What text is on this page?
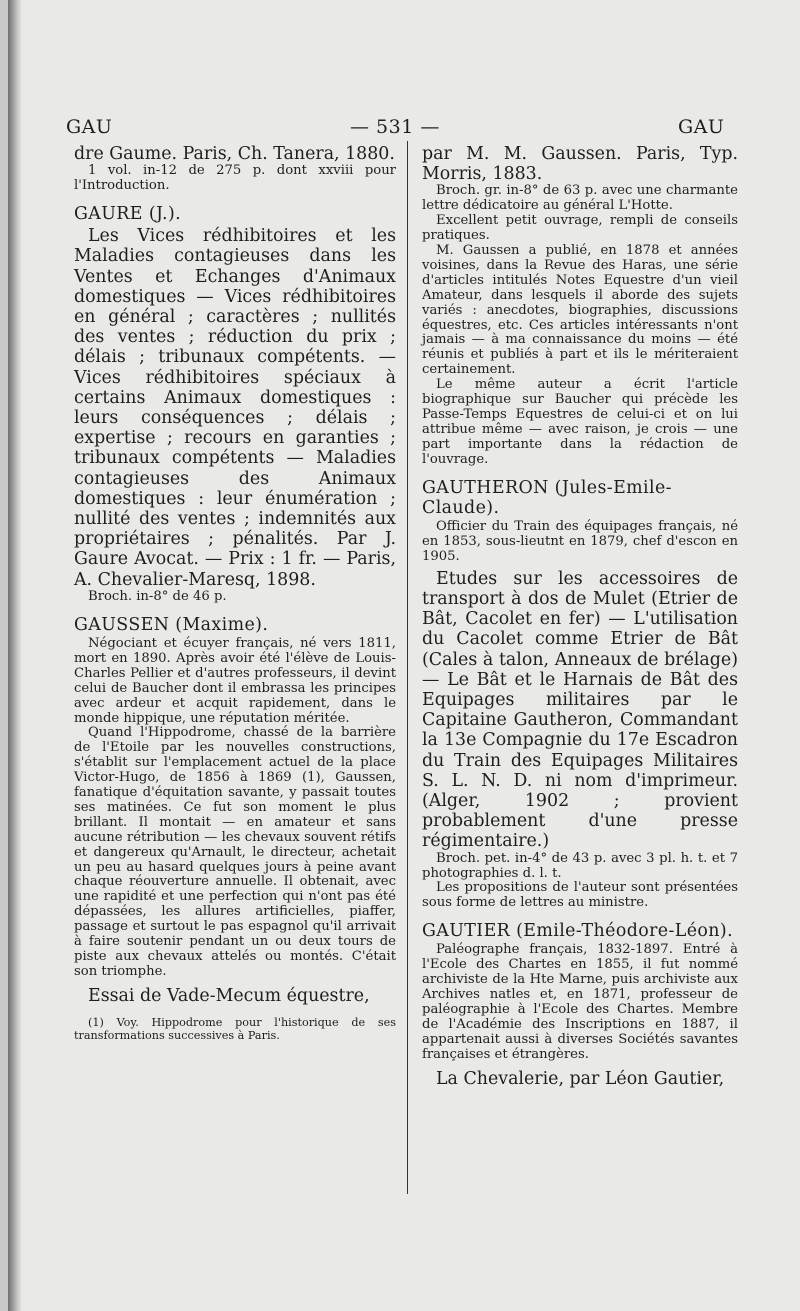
GAU	— 531 —	GAU

dre Gaume. Paris, Ch. Tanera, 1880.

1 vol. in-12 de 275 p. dont xxviii pour l'Introduction.

GAURE (J.).

Les Vices rédhibitoires et les Maladies contagieuses dans les Ventes et Echanges d'Animaux domestiques — Vices rédhibitoires en général ; caractères ; nullités des ventes ; réduction du prix ; délais ; tribunaux compétents. — Vices rédhibitoires spéciaux à certains Animaux domestiques : leurs conséquences ; délais ; expertise ; recours en garanties ; tribunaux compétents — Maladies contagieuses des Animaux domestiques : leur énumération ; nullité des ventes ; indemnités aux propriétaires ; pénalités. Par J. Gaure Avocat. — Prix : 1 fr. — Paris, A. Chevalier-Maresq, 1898.

Broch. in-8° de 46 p.

GAUSSEN (Maxime).

Négociant et écuyer français, né vers 1811, mort en 1890. Après avoir été l'élève de Louis-Charles Pellier et d'autres professeurs, il devint celui de Baucher dont il embrassa les principes avec ardeur et acquit rapidement, dans le monde hippique, une réputation méritée.

Quand l'Hippodrome, chassé de la barrière de l'Etoile par les nouvelles constructions, s'établit sur l'emplacement actuel de la place Victor-Hugo, de 1856 à 1869 (1), Gaussen, fanatique d'équitation savante, y passait toutes ses matinées. Ce fut son moment le plus brillant. Il montait — en amateur et sans aucune rétribution — les chevaux souvent rétifs et dangereux qu'Arnault, le directeur, achetait un peu au hasard quelques jours à peine avant chaque réouverture annuelle. Il obtenait, avec une rapidité et une perfection qui n'ont pas été dépassées, les allures artificielles, piaffer, passage et surtout le pas espagnol qu'il arrivait à faire soutenir pendant un ou deux tours de piste aux chevaux attelés ou montés. C'était son triomphe.

Essai de Vade-Mecum équestre,

(1) Voy. Hippodrome pour l'historique de ses transformations successives à Paris.

par M. M. Gaussen. Paris, Typ. Morris, 1883.

Broch. gr. in-8° de 63 p. avec une charmante lettre dédicatoire au général L'Hotte.

Excellent petit ouvrage, rempli de conseils pratiques.

M. Gaussen a publié, en 1878 et années voisines, dans la Revue des Haras, une série d'articles intitulés Notes Equestre d'un vieil Amateur, dans lesquels il aborde des sujets variés : anecdotes, biographies, discussions équestres, etc. Ces articles intéressants n'ont jamais — à ma connaissance du moins — été réunis et publiés à part et ils le mériteraient certainement.

Le même auteur a écrit l'article biographique sur Baucher qui précède les Passe-Temps Equestres de celui-ci et on lui attribue même — avec raison, je crois — une part importante dans la rédaction de l'ouvrage.

GAUTHERON (Jules-Emile-Claude).

Officier du Train des équipages français, né en 1853, sous-lieutnt en 1879, chef d'escon en 1905.

Etudes sur les accessoires de transport à dos de Mulet (Etrier de Bât, Cacolet en fer) — L'utilisation du Cacolet comme Etrier de Bât (Cales à talon, Anneaux de brélage) — Le Bât et le Harnais de Bât des Equipages militaires par le Capitaine Gautheron, Commandant la 13e Compagnie du 17e Escadron du Train des Equipages Militaires S. L. N. D. ni nom d'imprimeur. (Alger, 1902 ; provient probablement d'une presse régimentaire.)

Broch. pet. in-4° de 43 p. avec 3 pl. h. t. et 7 photographies d. l. t.

Les propositions de l'auteur sont présentées sous forme de lettres au ministre.

GAUTIER (Emile-Théodore-Léon).

Paléographe français, 1832-1897. Entré à l'Ecole des Chartes en 1855, il fut nommé archiviste de la Hte Marne, puis archiviste aux Archives natles et, en 1871, professeur de paléographie à l'Ecole des Chartes. Membre de l'Académie des Inscriptions en 1887, il appartenait aussi à diverses Sociétés savantes françaises et étrangères.

La Chevalerie, par Léon Gautier,
